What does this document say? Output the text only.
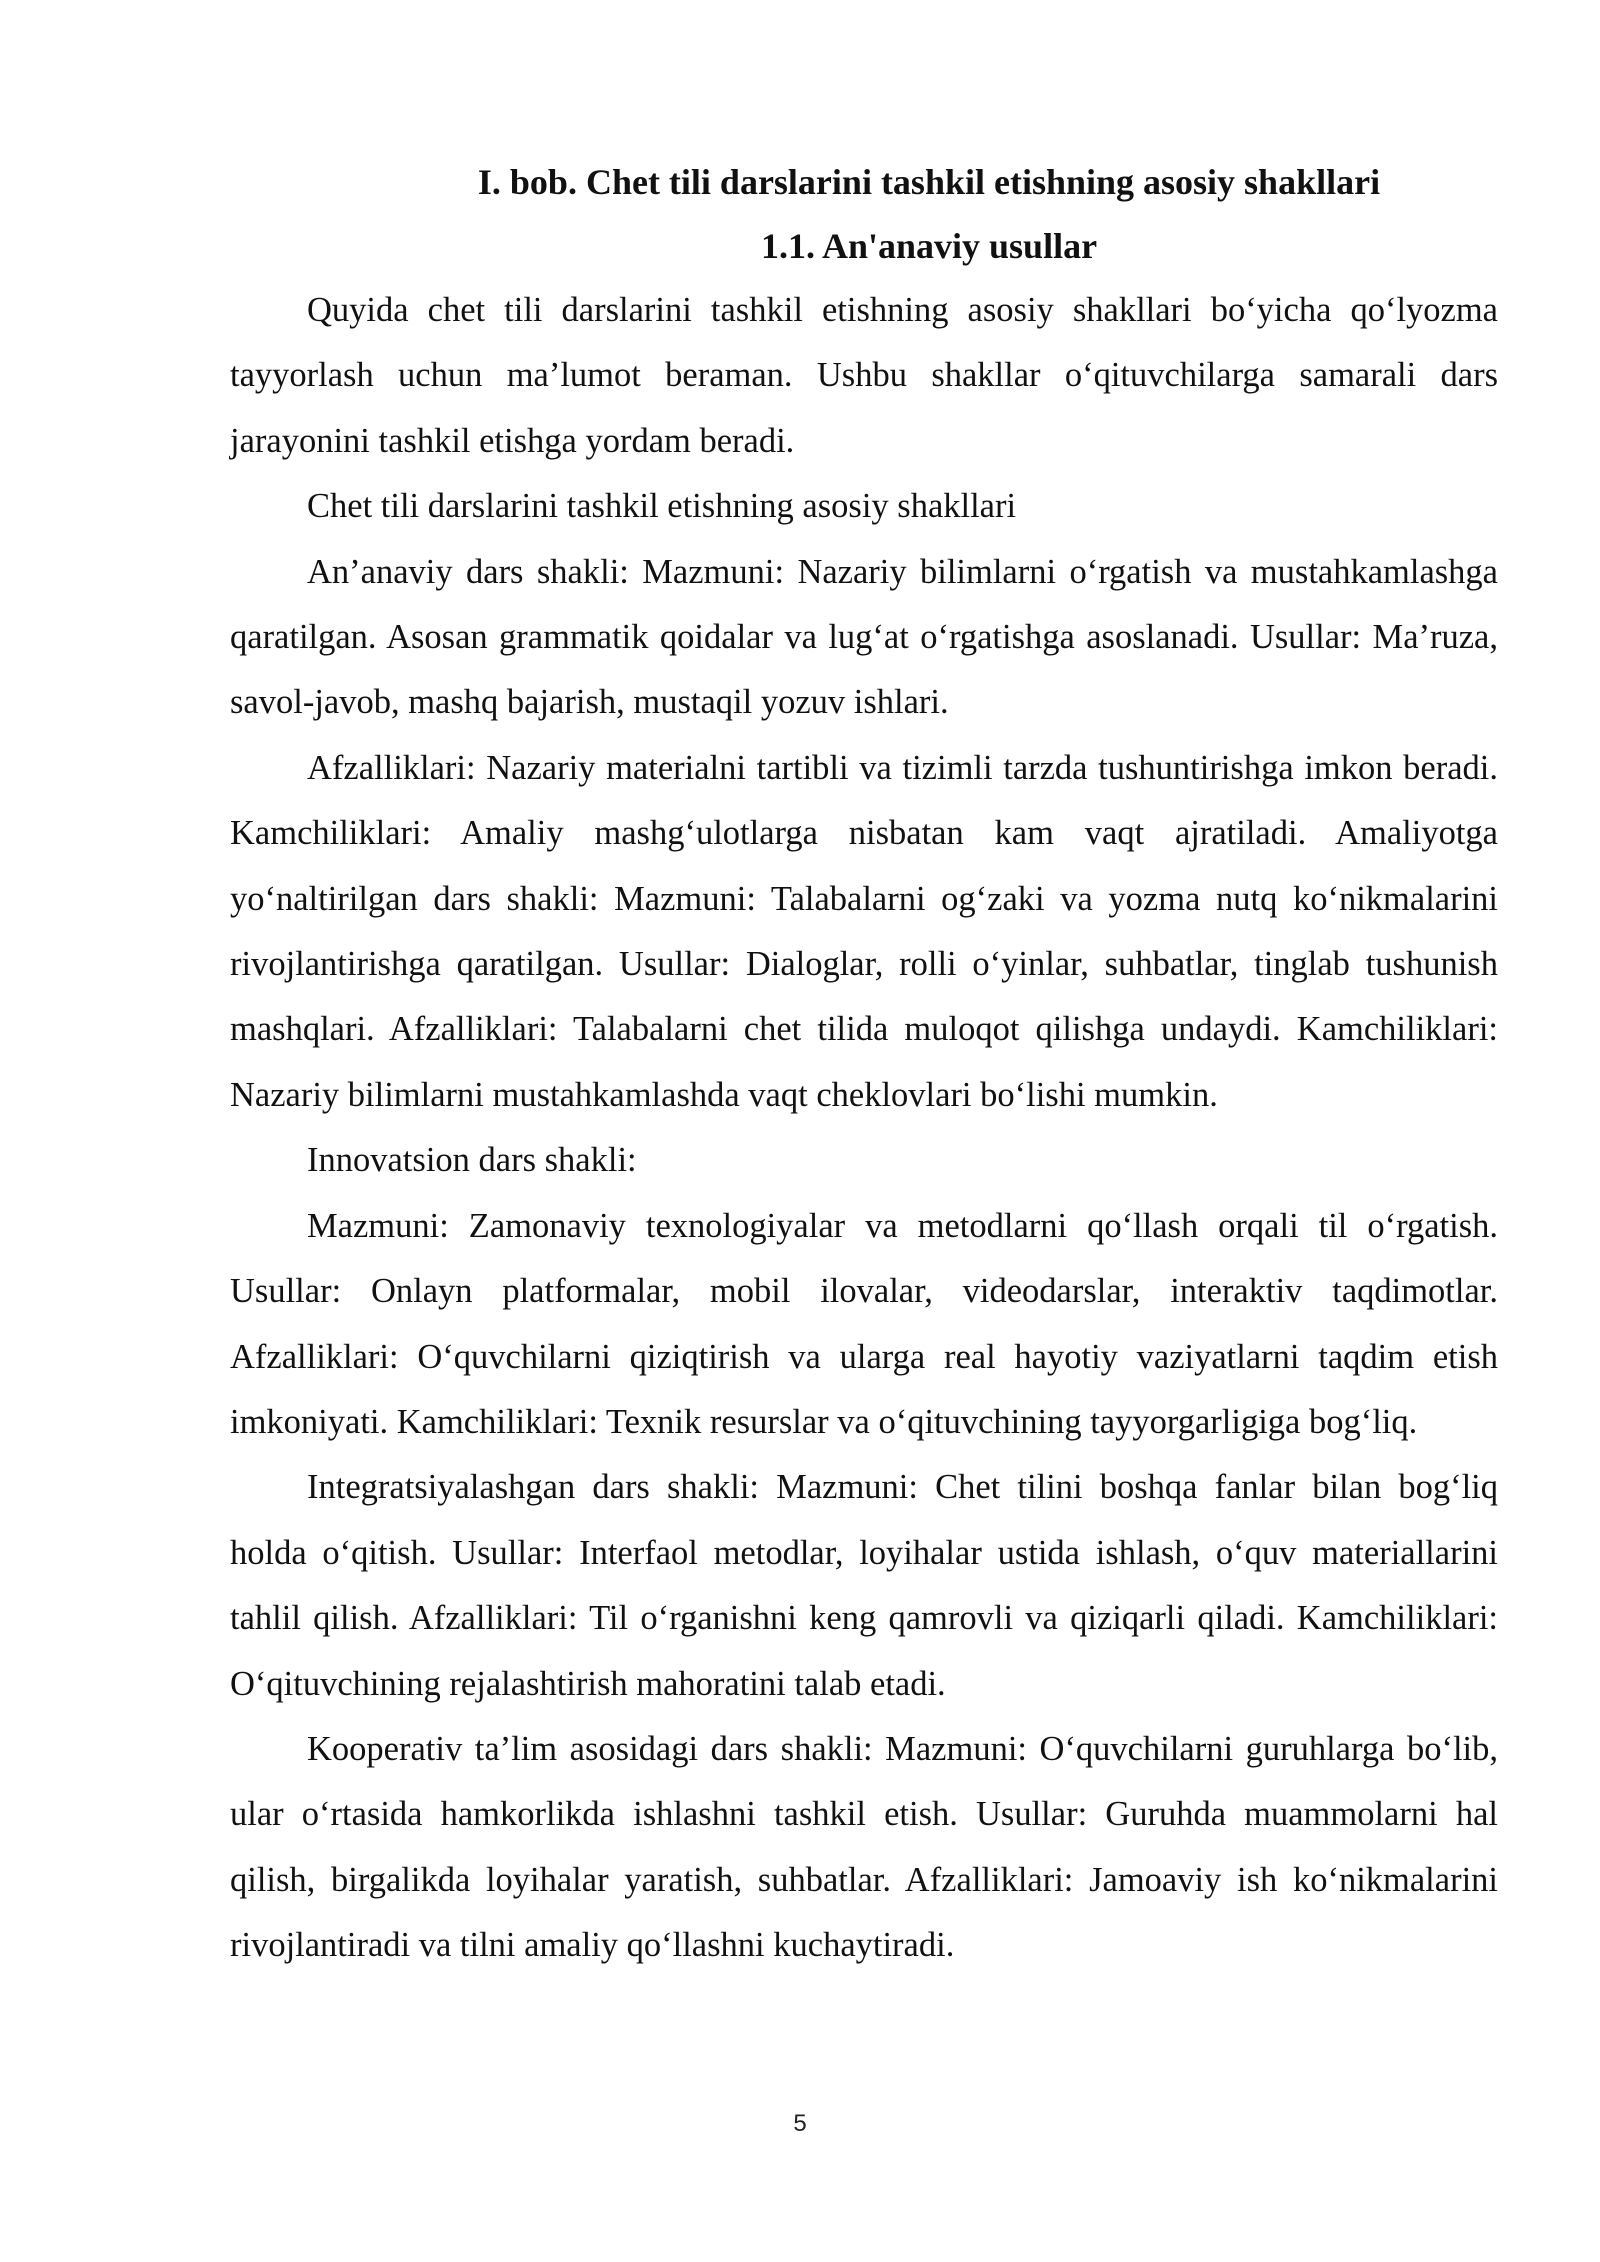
I. bob. Chet tili darslarini tashkil etishning asosiy shakllari
1.1. An'anaviy usullar

Quyida chet tili darslarini tashkil etishning asosiy shakllari bo‘yicha qo‘lyozma tayyorlash uchun ma’lumot beraman. Ushbu shakllar o‘qituvchilarga samarali dars jarayonini tashkil etishga yordam beradi.

Chet tili darslarini tashkil etishning asosiy shakllari

An’anaviy dars shakli: Mazmuni: Nazariy bilimlarni o‘rgatish va mustahkamlashga qaratilgan. Asosan grammatik qoidalar va lug‘at o‘rgatishga asoslanadi. Usullar: Ma’ruza, savol-javob, mashq bajarish, mustaqil yozuv ishlari.

Afzalliklari: Nazariy materialni tartibli va tizimli tarzda tushuntirishga imkon beradi. Kamchiliklari: Amaliy mashg‘ulotlarga nisbatan kam vaqt ajratiladi. Amaliyotga yo‘naltirilgan dars shakli: Mazmuni: Talabalarni og‘zaki va yozma nutq ko‘nikmalarini rivojlantirishga qaratilgan. Usullar: Dialoglar, rolli o‘yinlar, suhbatlar, tinglab tushunish mashqlari. Afzalliklari: Talabalarni chet tilida muloqot qilishga undaydi. Kamchiliklari: Nazariy bilimlarni mustahkamlashda vaqt cheklovlari bo‘lishi mumkin.

Innovatsion dars shakli:

Mazmuni: Zamonaviy texnologiyalar va metodlarni qo‘llash orqali til o‘rgatish. Usullar: Onlayn platformalar, mobil ilovalar, videodarslar, interaktiv taqdimotlar. Afzalliklari: O‘quvchilarni qiziqtirish va ularga real hayotiy vaziyatlarni taqdim etish imkoniyati. Kamchiliklari: Texnik resurslar va o‘qituvchining tayyorgarligiga bog‘liq.

Integratsiyalashgan dars shakli: Mazmuni: Chet tilini boshqa fanlar bilan bog‘liq holda o‘qitish. Usullar: Interfaol metodlar, loyihalar ustida ishlash, o‘quv materiallarini tahlil qilish. Afzalliklari: Til o‘rganishni keng qamrovli va qiziqarli qiladi. Kamchiliklari: O‘qituvchining rejalashtirish mahoratini talab etadi.

Kooperativ ta’lim asosidagi dars shakli: Mazmuni: O‘quvchilarni guruhlarga bo‘lib, ular o‘rtasida hamkorlikda ishlashni tashkil etish. Usullar: Guruhda muammolarni hal qilish, birgalikda loyihalar yaratish, suhbatlar. Afzalliklari: Jamoaviy ish ko‘nikmalarini rivojlantiradi va tilni amaliy qo‘llashni kuchaytiradi.

5
